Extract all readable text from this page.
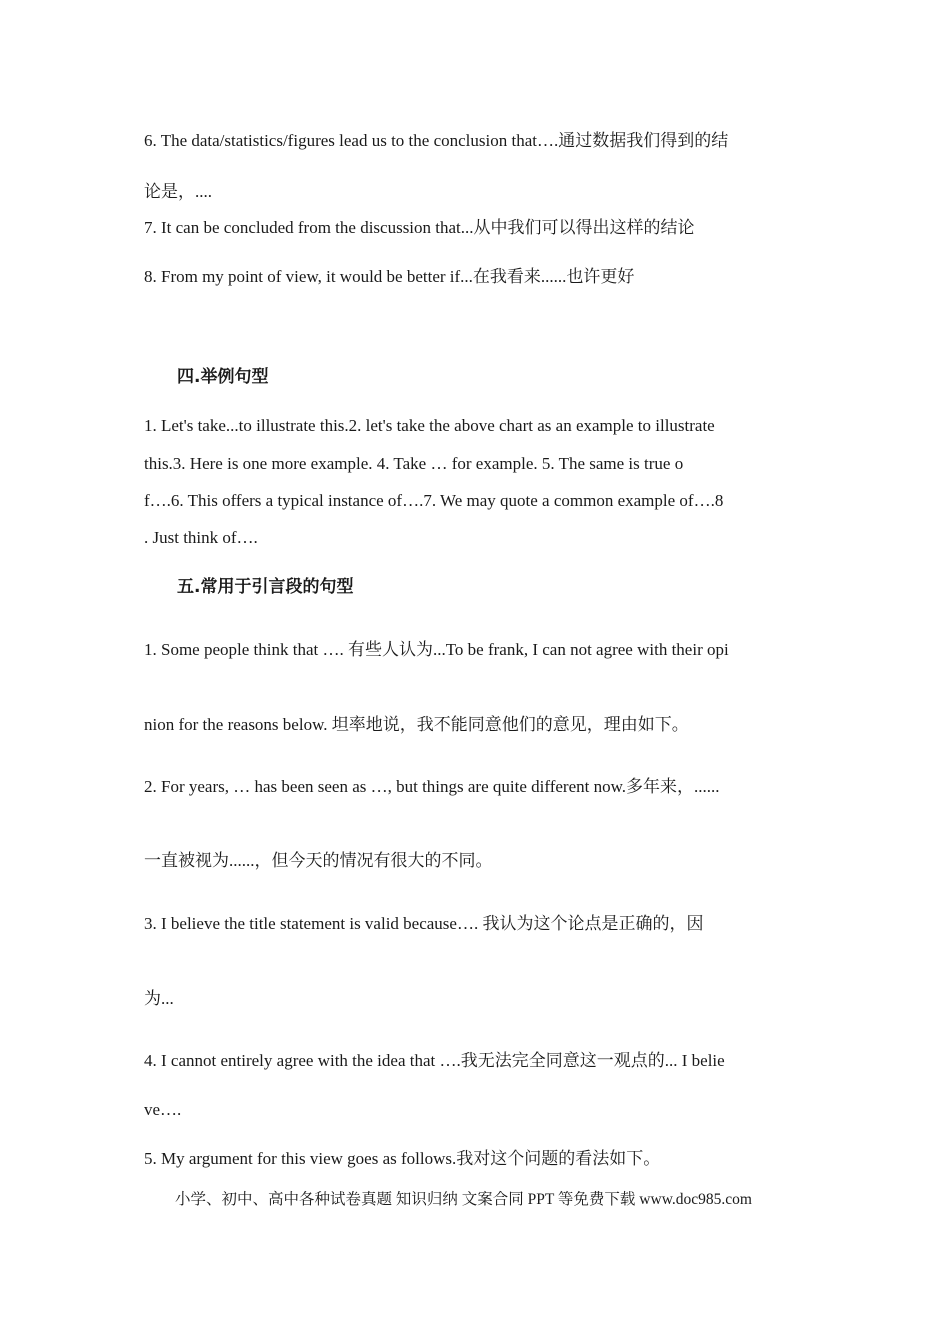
6. The data/statistics/figures lead us to the conclusion that….通过数据我们得到的结
论是，....
7. It can be concluded from the discussion that...从中我们可以得出这样的结论
8. From my point of view, it would be better if...在我看来......也许更好
四.举例句型
1. Let's take...to illustrate this.2. let's take the above chart as an example to illustrate
this.3. Here is one more example. 4. Take … for example. 5. The same is true o
f….6. This offers a typical instance of….7. We may quote a common example of….8
. Just think of….
五.常用于引言段的句型
1. Some people think that …. 有些人认为...To be frank, I can not agree with their opi
nion for the reasons below. 坦率地说，我不能同意他们的意见，理由如下。
2. For years, … has been seen as …, but things are quite different now.多年来，......
一直被视为......，但今天的情况有很大的不同。
3. I believe the title statement is valid because…. 我认为这个论点是正确的，因
为...
4. I cannot entirely agree with the idea that ….我无法完全同意这一观点的... I belie
ve….
5. My argument for this view goes as follows.我对这个问题的看法如下。
小学、初中、高中各种试卷真题 知识归纳 文案合同 PPT 等免费下载 www.doc985.com
